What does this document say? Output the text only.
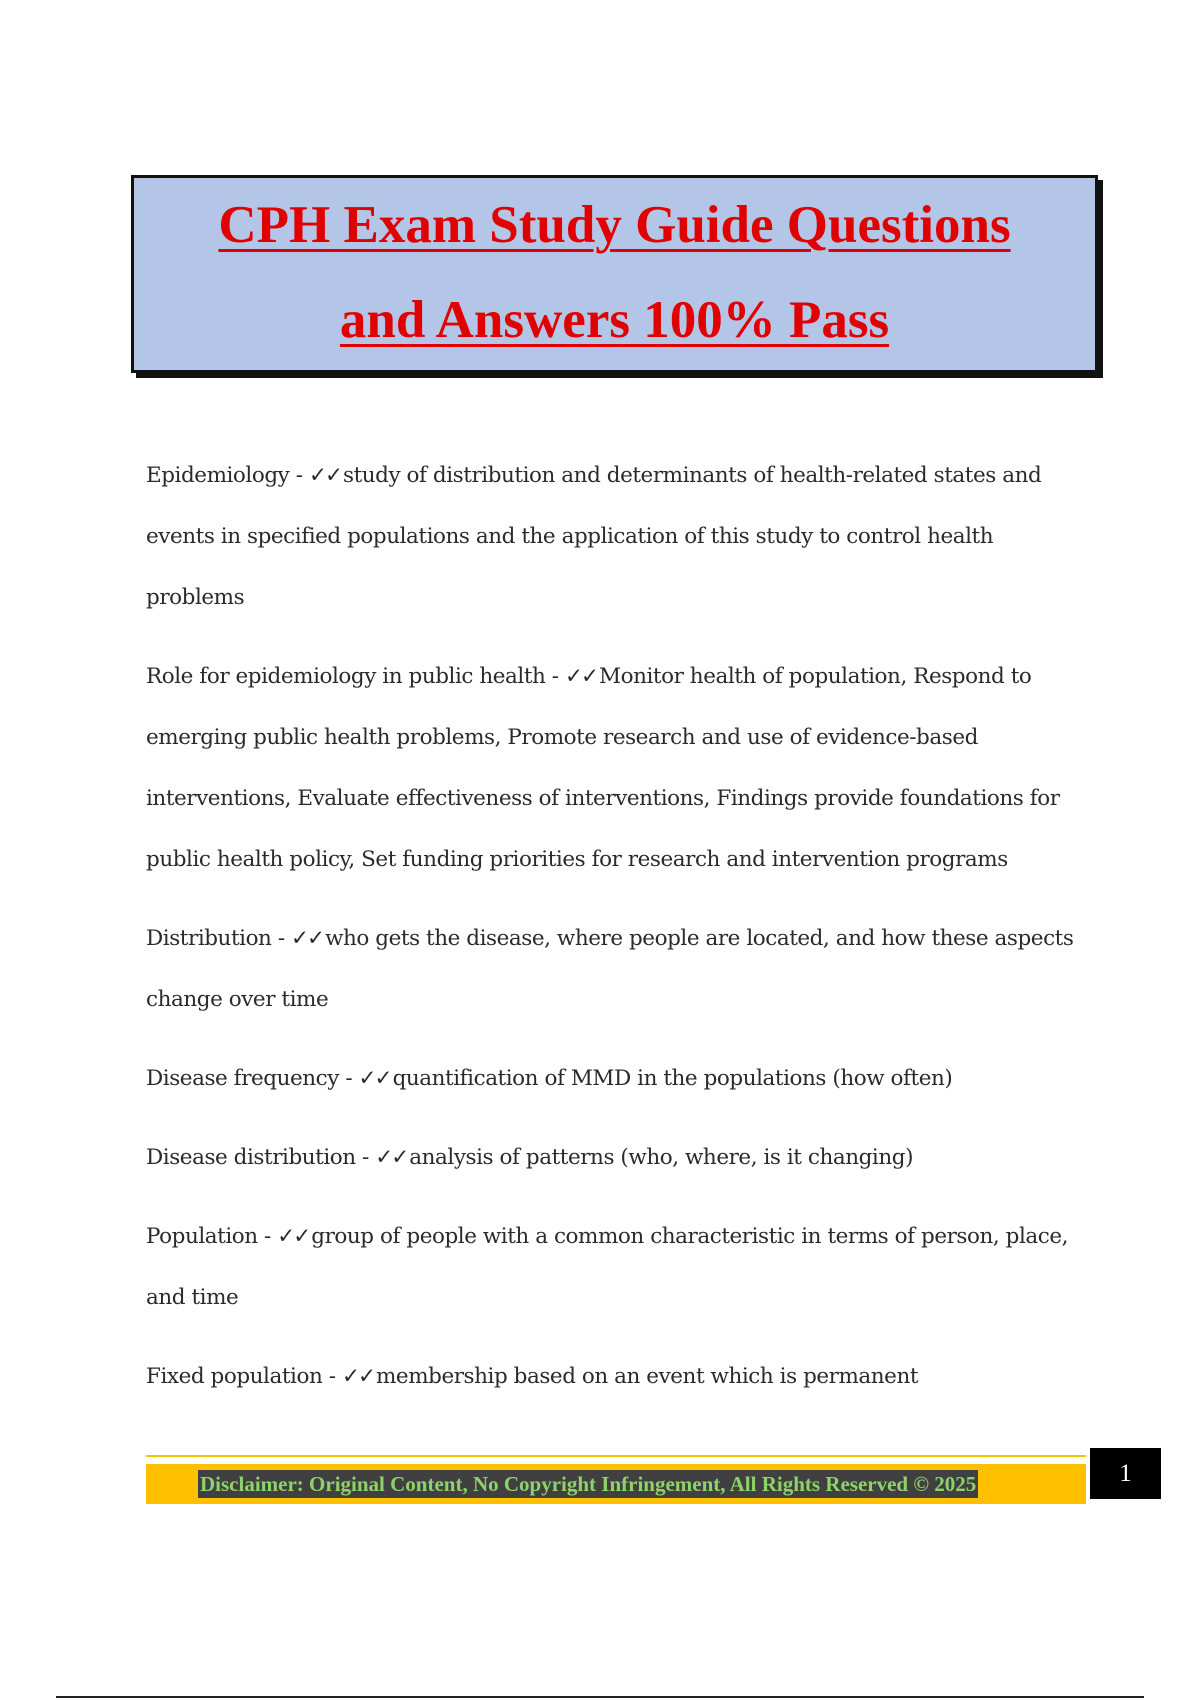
CPH Exam Study Guide Questions
and Answers 100% Pass

Epidemiology - ✓✓study of distribution and determinants of health-related states and events in specified populations and the application of this study to control health problems

Role for epidemiology in public health - ✓✓Monitor health of population, Respond to emerging public health problems, Promote research and use of evidence-based interventions, Evaluate effectiveness of interventions, Findings provide foundations for public health policy, Set funding priorities for research and intervention programs

Distribution - ✓✓who gets the disease, where people are located, and how these aspects change over time

Disease frequency - ✓✓quantification of MMD in the populations (how often)

Disease distribution - ✓✓analysis of patterns (who, where, is it changing)

Population - ✓✓group of people with a common characteristic in terms of person, place, and time

Fixed population - ✓✓membership based on an event which is permanent

Disclaimer: Original Content, No Copyright Infringement, All Rights Reserved © 2025	1
